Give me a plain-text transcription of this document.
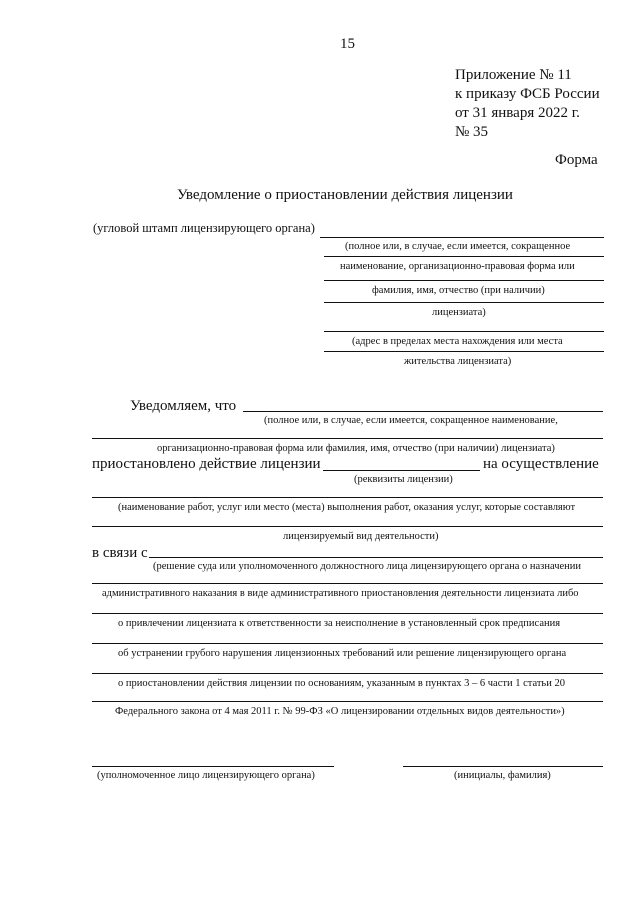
15
Приложение № 11
к приказу ФСБ России
от 31 января 2022 г.
№ 35
Форма
Уведомление о приостановлении действия лицензии
(угловой штамп лицензирующего органа)
(полное или, в случае, если имеется, сокращенное
наименование, организационно-правовая форма или
фамилия, имя, отчество (при наличии)
лицензиата)
(адрес в пределах места нахождения или места
жительства лицензиата)
Уведомляем, что
(полное или, в случае, если имеется, сокращенное наименование,
организационно-правовая форма или фамилия, имя, отчество (при наличии) лицензиата)
приостановлено действие лицензии	на осуществление
(реквизиты лицензии)
(наименование работ, услуг или место (места) выполнения работ, оказания услуг, которые составляют
лицензируемый вид деятельности)
в связи с
(решение суда или уполномоченного должностного лица лицензирующего органа о назначении
административного наказания в виде административного приостановления деятельности лицензиата либо
о привлечении лицензиата к ответственности за неисполнение в установленный срок предписания
об устранении грубого нарушения лицензионных требований или решение лицензирующего органа
о приостановлении действия лицензии по основаниям, указанным в пунктах 3 – 6 части 1 статьи 20
Федерального закона от 4 мая 2011 г. № 99-ФЗ «О лицензировании отдельных видов деятельности»)
(уполномоченное лицо лицензирующего органа)	(инициалы, фамилия)
